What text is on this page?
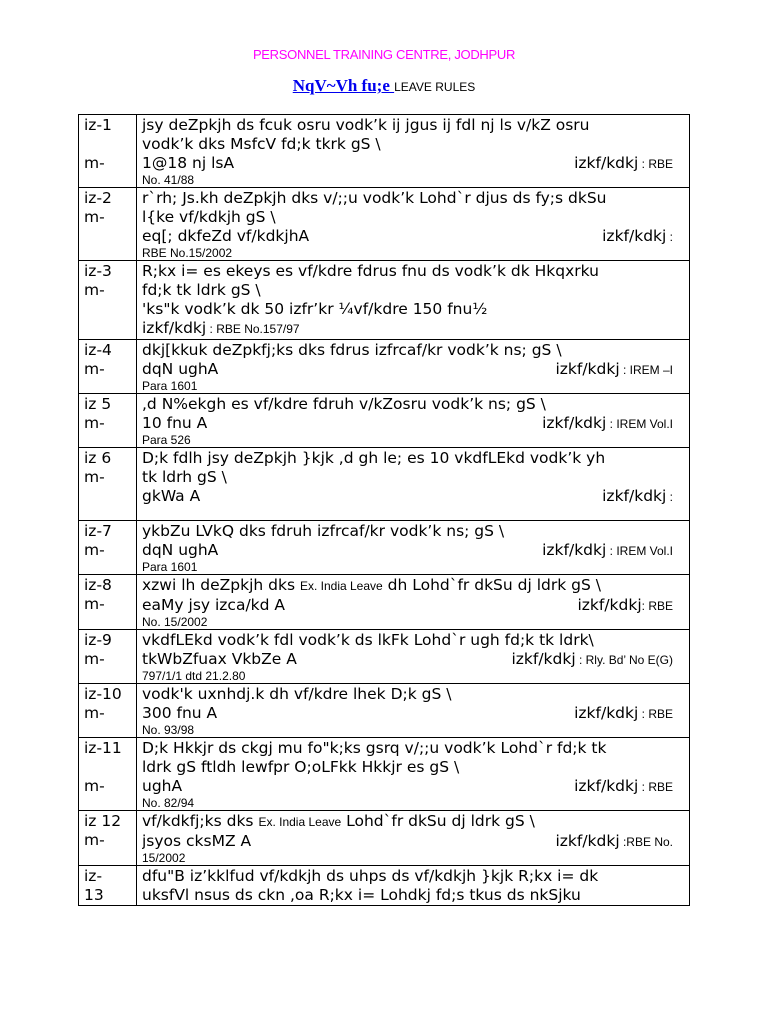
PERSONNEL TRAINING CENTRE, JODHPUR
NqV~Vh fu;e LEAVE RULES
iz-1
m-	jsy deZpkjh ds fcuk osru vodk’k ij jgus ij fdl nj ls v/kZ osru
vodk’k dks MsfcV fd;k tkrk gS \
1@18 nj lsA izkf/kdkj : RBE
No. 41/88

iz-2
m-	r`rh; Js.kh deZpkjh dks v/;;u vodk’k Lohd`r djus ds fy;s dkSu
l{ke vf/kdkjh gS \
eq[; dkfeZd vf/kdkjhA izkf/kdkj :
RBE No.15/2002

iz-3
m-	R;kx i= es ekeys es vf/kdre fdrus fnu ds vodk’k dk Hkqxrku
fd;k tk ldrk gS \
'ks"k vodk’k dk 50 izfr’kr ¼vf/kdre 150 fnu½
izkf/kdkj : RBE No.157/97

iz-4
m-	dkj[kkuk deZpkfj;ks dks fdrus izfrcaf/kr vodk’k ns; gS \
dqN ughA izkf/kdkj : IREM –I
Para 1601

iz 5
m-	,d N%ekgh es vf/kdre fdruh v/kZosru vodk’k ns; gS \
10 fnu A izkf/kdkj : IREM Vol.I
Para 526

iz 6
m-	D;k fdlh jsy deZpkjh }kjk ,d gh le; es 10 vkdfLEkd vodk’k yh
tk ldrh gS \
gkWa A izkf/kdkj :

iz-7
m-	ykbZu LVkQ dks fdruh izfrcaf/kr vodk’k ns; gS \
dqN ughA izkf/kdkj : IREM Vol.I
Para 1601

iz-8
m-	xzwi lh deZpkjh dks Ex. India Leave dh Lohd`fr dkSu dj ldrk gS \
eaMy jsy izca/kd A izkf/kdkj: RBE
No. 15/2002

iz-9
m-	vkdfLEkd vodk’k fdl vodk’k ds lkFk Lohd`r ugh fd;k tk ldrk\
tkWbZfuax VkbZe A izkf/kdkj : Rly. Bd’ No E(G)
797/1/1 dtd 21.2.80

iz-10
m-	vodk'k uxnhdj.k dh vf/kdre lhek D;k gS \
300 fnu A izkf/kdkj : RBE
No. 93/98

iz-11
m-	D;k Hkkjr ds ckgj mu fo"k;ks gsrq v/;;u vodk’k Lohd`r fd;k tk
ldrk gS ftldh lewfpr O;oLFkk Hkkjr es gS \
ughA izkf/kdkj : RBE
No. 82/94

iz 12
m-	vf/kdkfj;ks dks Ex. India Leave Lohd`fr dkSu dj ldrk gS \
jsyos cksMZ A izkf/kdkj :RBE No.
15/2002

iz-
13	dfu"B iz’kklfud vf/kdkjh ds uhps ds vf/kdkjh }kjk R;kx i= dk
uksfVl nsus ds ckn ,oa R;kx i= Lohdkj fd;s tkus ds nkSjku
